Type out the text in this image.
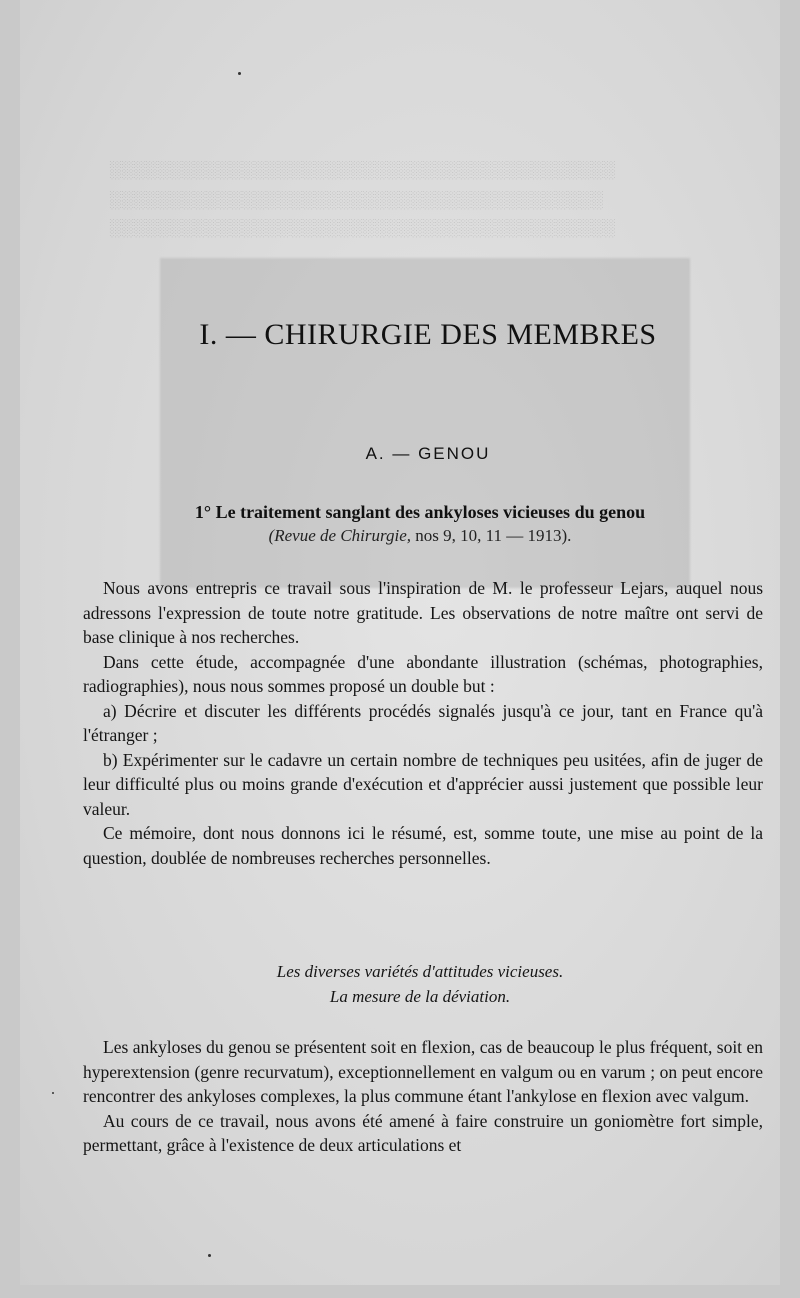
░░░░░░░░░░░░░░░░░░░░░░░░░░░░░░░░░░░░░░░░░░
░░░░░░░░░░░░░░░░░░░░░░░░░░░░░░░░░░░░░░░░░
░░░░░░░░░░░░░░░░░░░░░░░░░░░░░░░░░░░░░░░░░░
I. — CHIRURGIE DES MEMBRES
A. — GENOU
1° Le traitement sanglant des ankyloses vicieuses du genou
(Revue de Chirurgie, nos 9, 10, 11 — 1913).

Nous avons entrepris ce travail sous l'inspiration de M. le professeur Lejars, auquel nous adressons l'expression de toute notre gratitude. Les observations de notre maître ont servi de base clinique à nos recherches.

Dans cette étude, accompagnée d'une abondante illustration (schémas, photographies, radiographies), nous nous sommes proposé un double but :

a) Décrire et discuter les différents procédés signalés jusqu'à ce jour, tant en France qu'à l'étranger ;

b) Expérimenter sur le cadavre un certain nombre de techniques peu usitées, afin de juger de leur difficulté plus ou moins grande d'exécution et d'apprécier aussi justement que possible leur valeur.

Ce mémoire, dont nous donnons ici le résumé, est, somme toute, une mise au point de la question, doublée de nombreuses recherches personnelles.

Les diverses variétés d'attitudes vicieuses.
La mesure de la déviation.

Les ankyloses du genou se présentent soit en flexion, cas de beaucoup le plus fréquent, soit en hyperextension (genre recurvatum), exceptionnellement en valgum ou en varum ; on peut encore rencontrer des ankyloses complexes, la plus commune étant l'ankylose en flexion avec valgum.

Au cours de ce travail, nous avons été amené à faire construire un goniomètre fort simple, permettant, grâce à l'existence de deux articulations et
